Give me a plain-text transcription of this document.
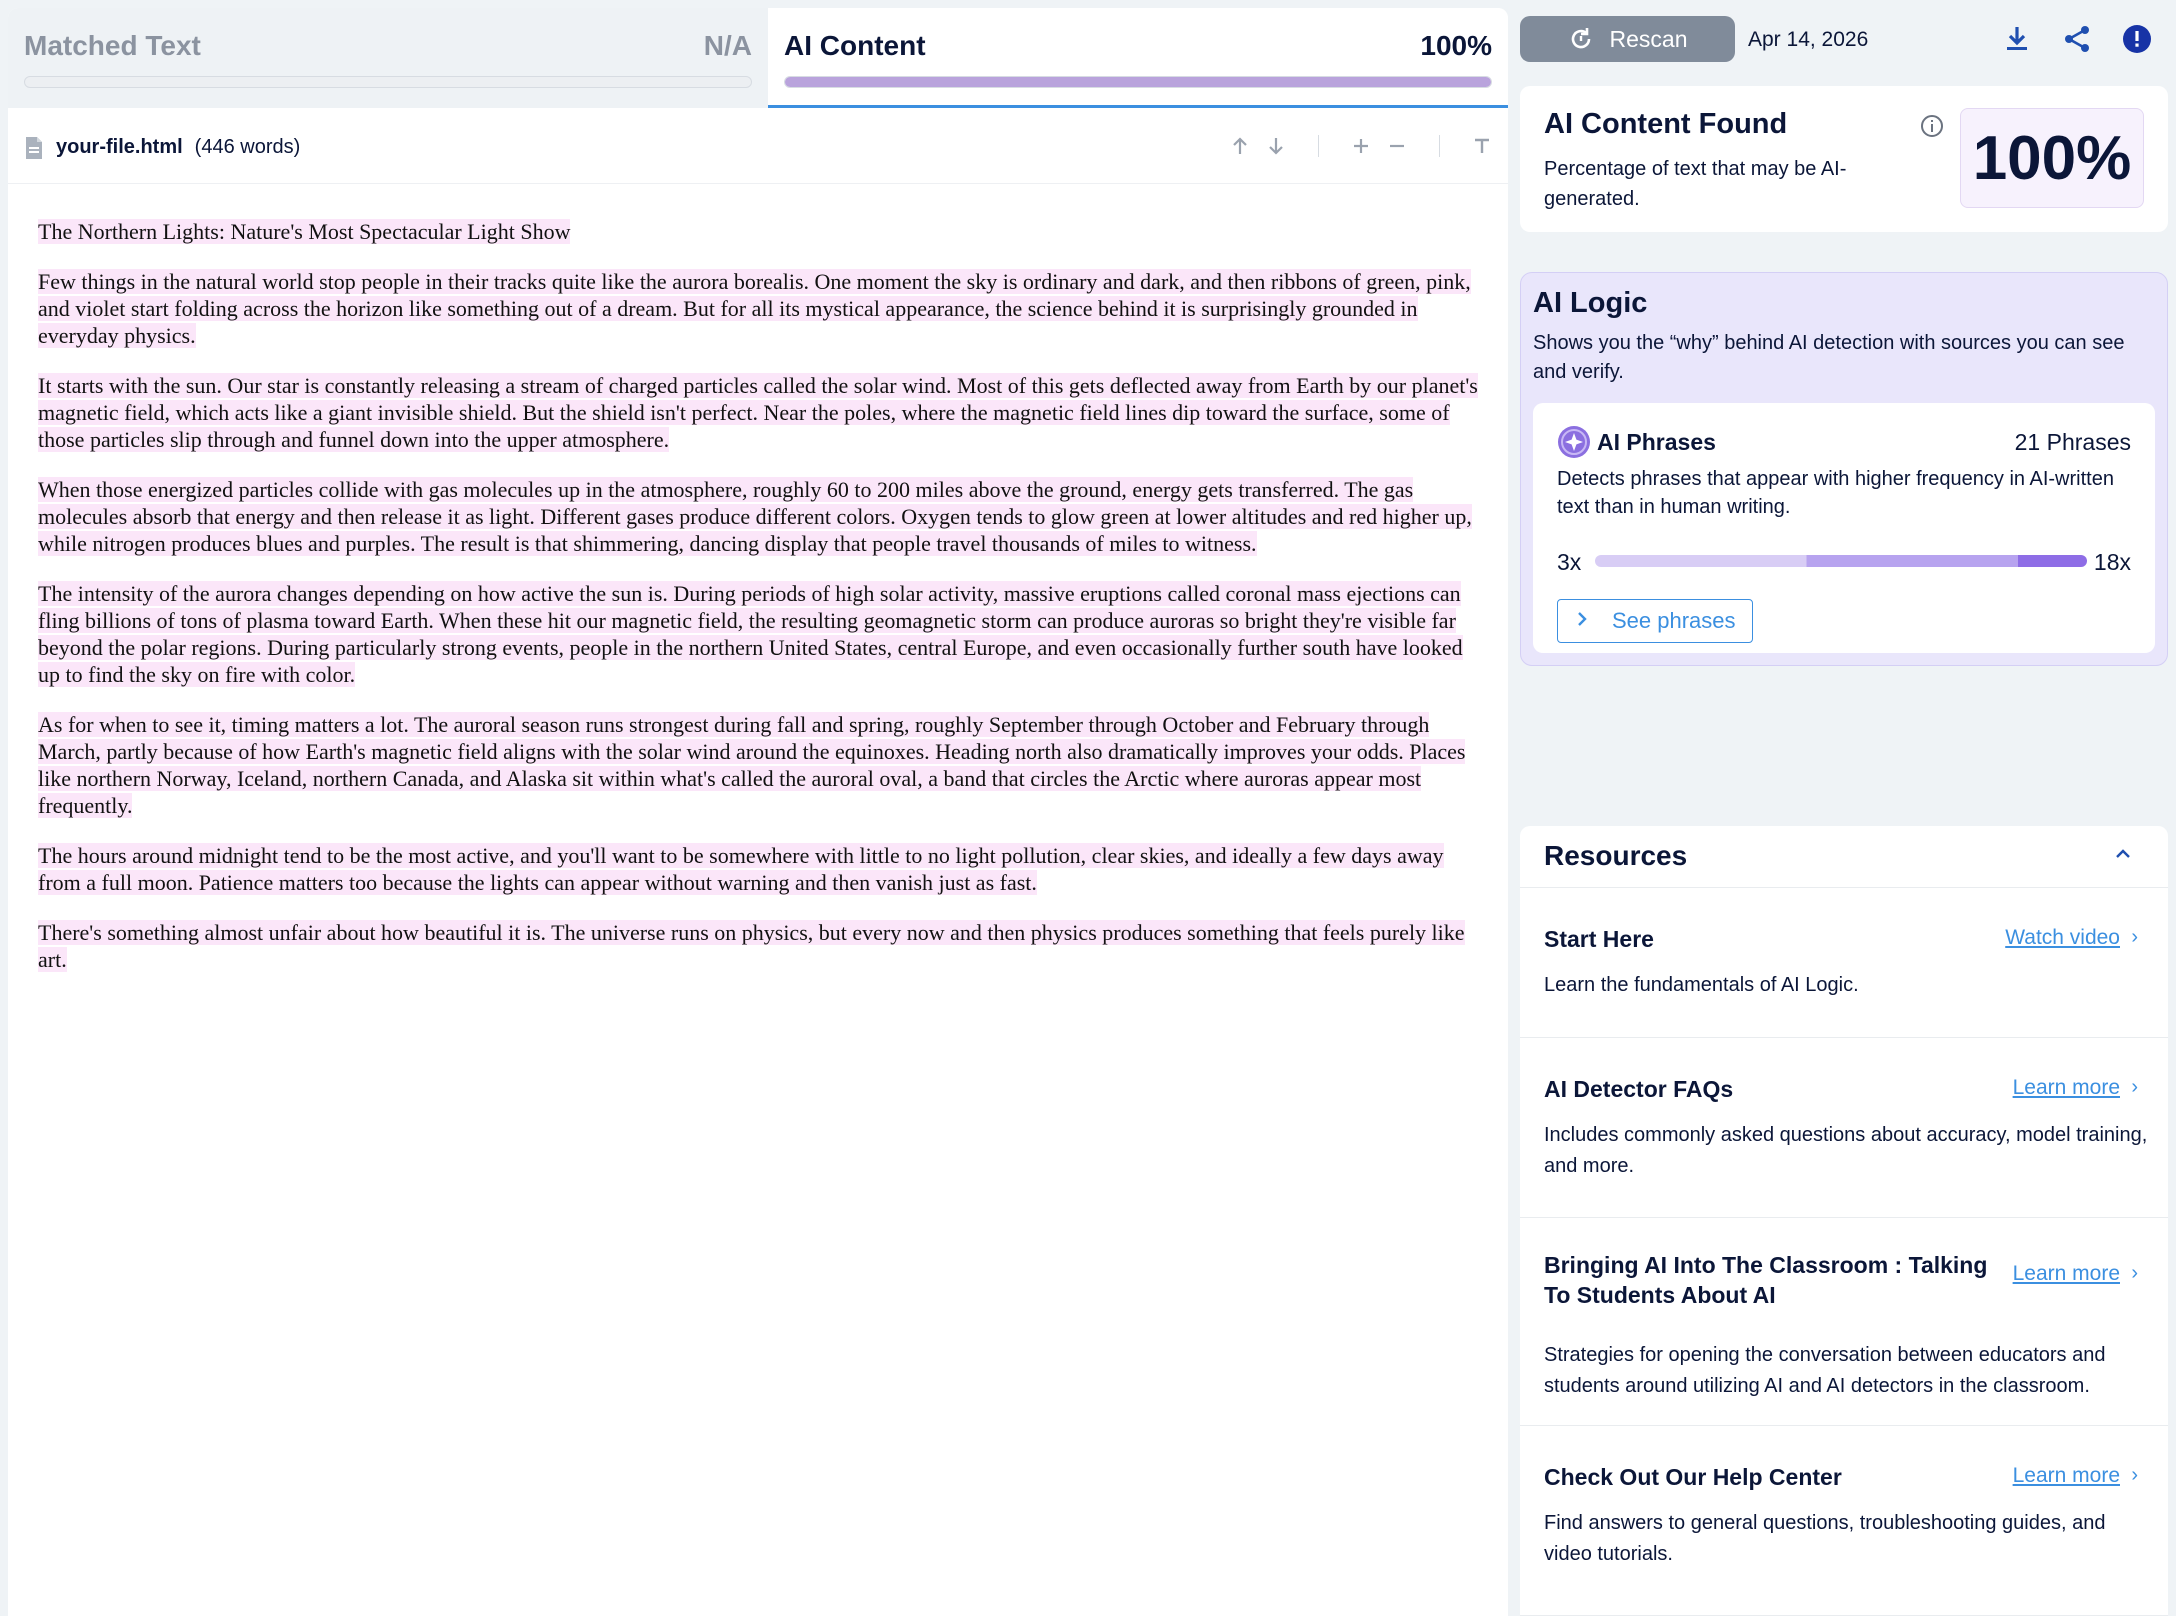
Matched Text	N/A AI Content	100%
your-file.html (446 words)

The Northern Lights: Nature's Most Spectacular Light Show

Few things in the natural world stop people in their tracks quite like the aurora borealis. One moment the sky is ordinary and dark, and then ribbons of green, pink, and violet start folding across the horizon like something out of a dream. But for all its mystical appearance, the science behind it is surprisingly grounded in everyday physics.

It starts with the sun. Our star is constantly releasing a stream of charged particles called the solar wind. Most of this gets deflected away from Earth by our planet's magnetic field, which acts like a giant invisible shield. But the shield isn't perfect. Near the poles, where the magnetic field lines dip toward the surface, some of those particles slip through and funnel down into the upper atmosphere.

When those energized particles collide with gas molecules up in the atmosphere, roughly 60 to 200 miles above the ground, energy gets transferred. The gas molecules absorb that energy and then release it as light. Different gases produce different colors. Oxygen tends to glow green at lower altitudes and red higher up, while nitrogen produces blues and purples. The result is that shimmering, dancing display that people travel thousands of miles to witness.

The intensity of the aurora changes depending on how active the sun is. During periods of high solar activity, massive eruptions called coronal mass ejections can fling billions of tons of plasma toward Earth. When these hit our magnetic field, the resulting geomagnetic storm can produce auroras so bright they're visible far beyond the polar regions. During particularly strong events, people in the northern United States, central Europe, and even occasionally further south have looked up to find the sky on fire with color.

As for when to see it, timing matters a lot. The auroral season runs strongest during fall and spring, roughly September through October and February through March, partly because of how Earth's magnetic field aligns with the solar wind around the equinoxes. Heading north also dramatically improves your odds. Places like northern Norway, Iceland, northern Canada, and Alaska sit within what's called the auroral oval, a band that circles the Arctic where auroras appear most frequently.

The hours around midnight tend to be the most active, and you'll want to be somewhere with little to no light pollution, clear skies, and ideally a few days away from a full moon. Patience matters too because the lights can appear without warning and then vanish just as fast.

There's something almost unfair about how beautiful it is. The universe runs on physics, but every now and then physics produces something that feels purely like art.

Rescan	Apr 14, 2026
AI Content Found
Percentage of text that may be AI-generated.
100%
AI Logic
Shows you the “why” behind AI detection with sources you can see and verify.
AI Phrases	21 Phrases
Detects phrases that appear with higher frequency in AI-written text than in human writing.
3x	18x
See phrases
Resources
Start Here	Watch video ›
Learn the fundamentals of AI Logic.
AI Detector FAQs	Learn more ›
Includes commonly asked questions about accuracy, model training, and more.
Bringing AI Into The Classroom : Talking To Students About AI
Learn more ›
Strategies for opening the conversation between educators and students around utilizing AI and AI detectors in the classroom.
Check Out Our Help Center	Learn more ›
Find answers to general questions, troubleshooting guides, and video tutorials.
